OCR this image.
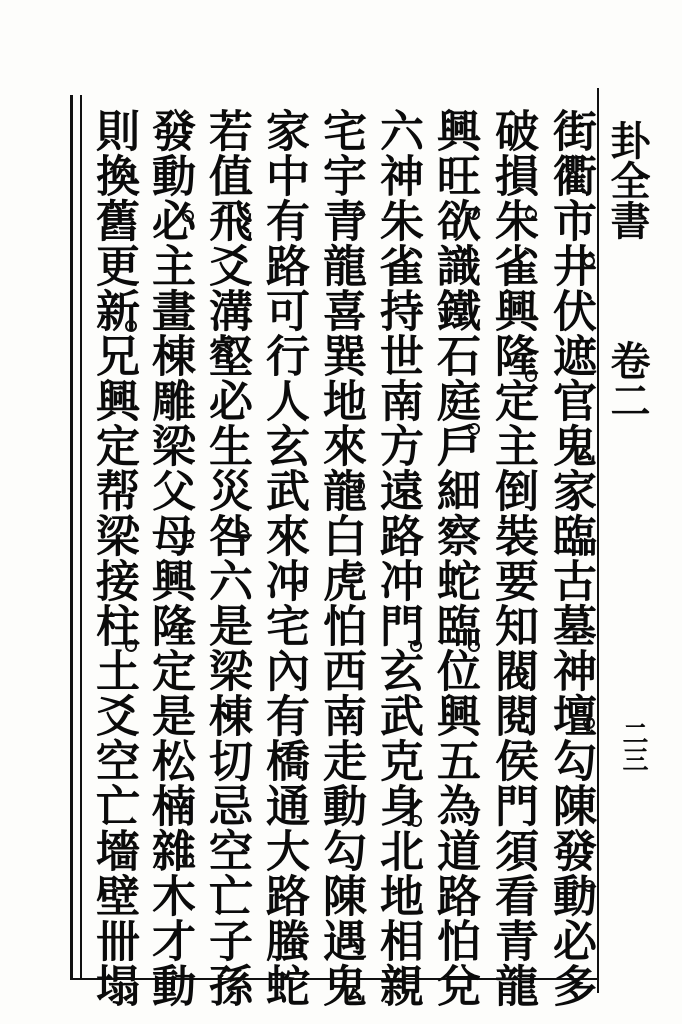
卦全書
卷二
二三
街衢市井伏遮官鬼家臨古墓神壇勾陳發動必多
破損朱雀興隆定主倒裝要知閥閱侯門須看青龍
興旺欲識鐵石庭戶細察蛇臨位興五為道路怕兌
六神朱雀持世南方遠路冲門玄武克身北地相親
宅宇青龍喜巽地來龍白虎怕西南走動勾陳遇鬼
家中有路可行人玄武來冲宅內有橋通大路螣蛇
若值飛爻溝壑必生災咎六是梁棟切忌空亡子孫
發動必主畫棟雕梁父母興隆定是松楠雜木才動
則換舊更新兄興定帮梁接柱土爻空亡墻壁卌塌
